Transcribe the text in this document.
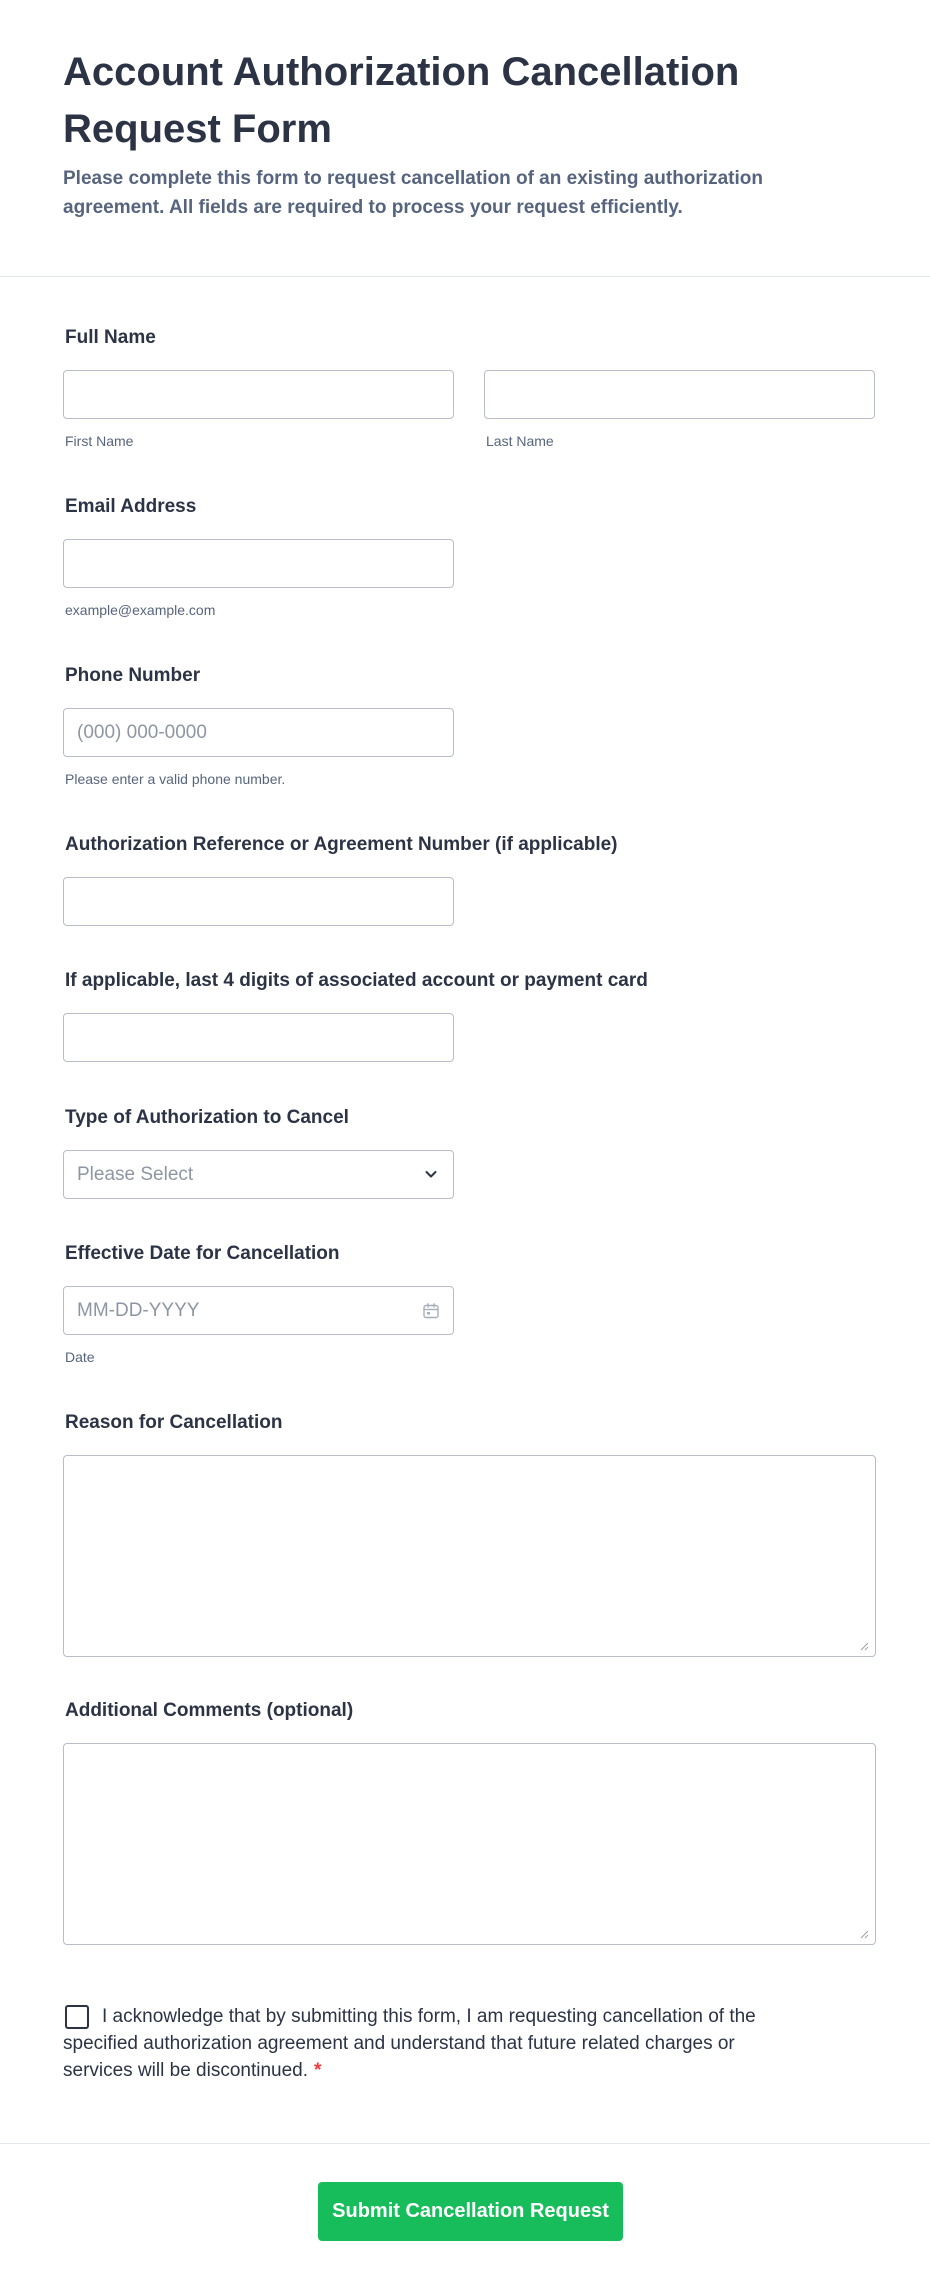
Account Authorization Cancellation Request Form

Please complete this form to request cancellation of an existing authorization agreement. All fields are required to process your request efficiently.

Full Name
First Name	Last Name
Email Address
example@example.com
Phone Number
(000) 000-0000
Please enter a valid phone number.
Authorization Reference or Agreement Number (if applicable)
If applicable, last 4 digits of associated account or payment card
Type of Authorization to Cancel
Please Select
Effective Date for Cancellation
MM-DD-YYYY
Date
Reason for Cancellation
Additional Comments (optional)
I acknowledge that by submitting this form, I am requesting cancellation of the specified authorization agreement and understand that future related charges or services will be discontinued. *
Submit Cancellation Request
